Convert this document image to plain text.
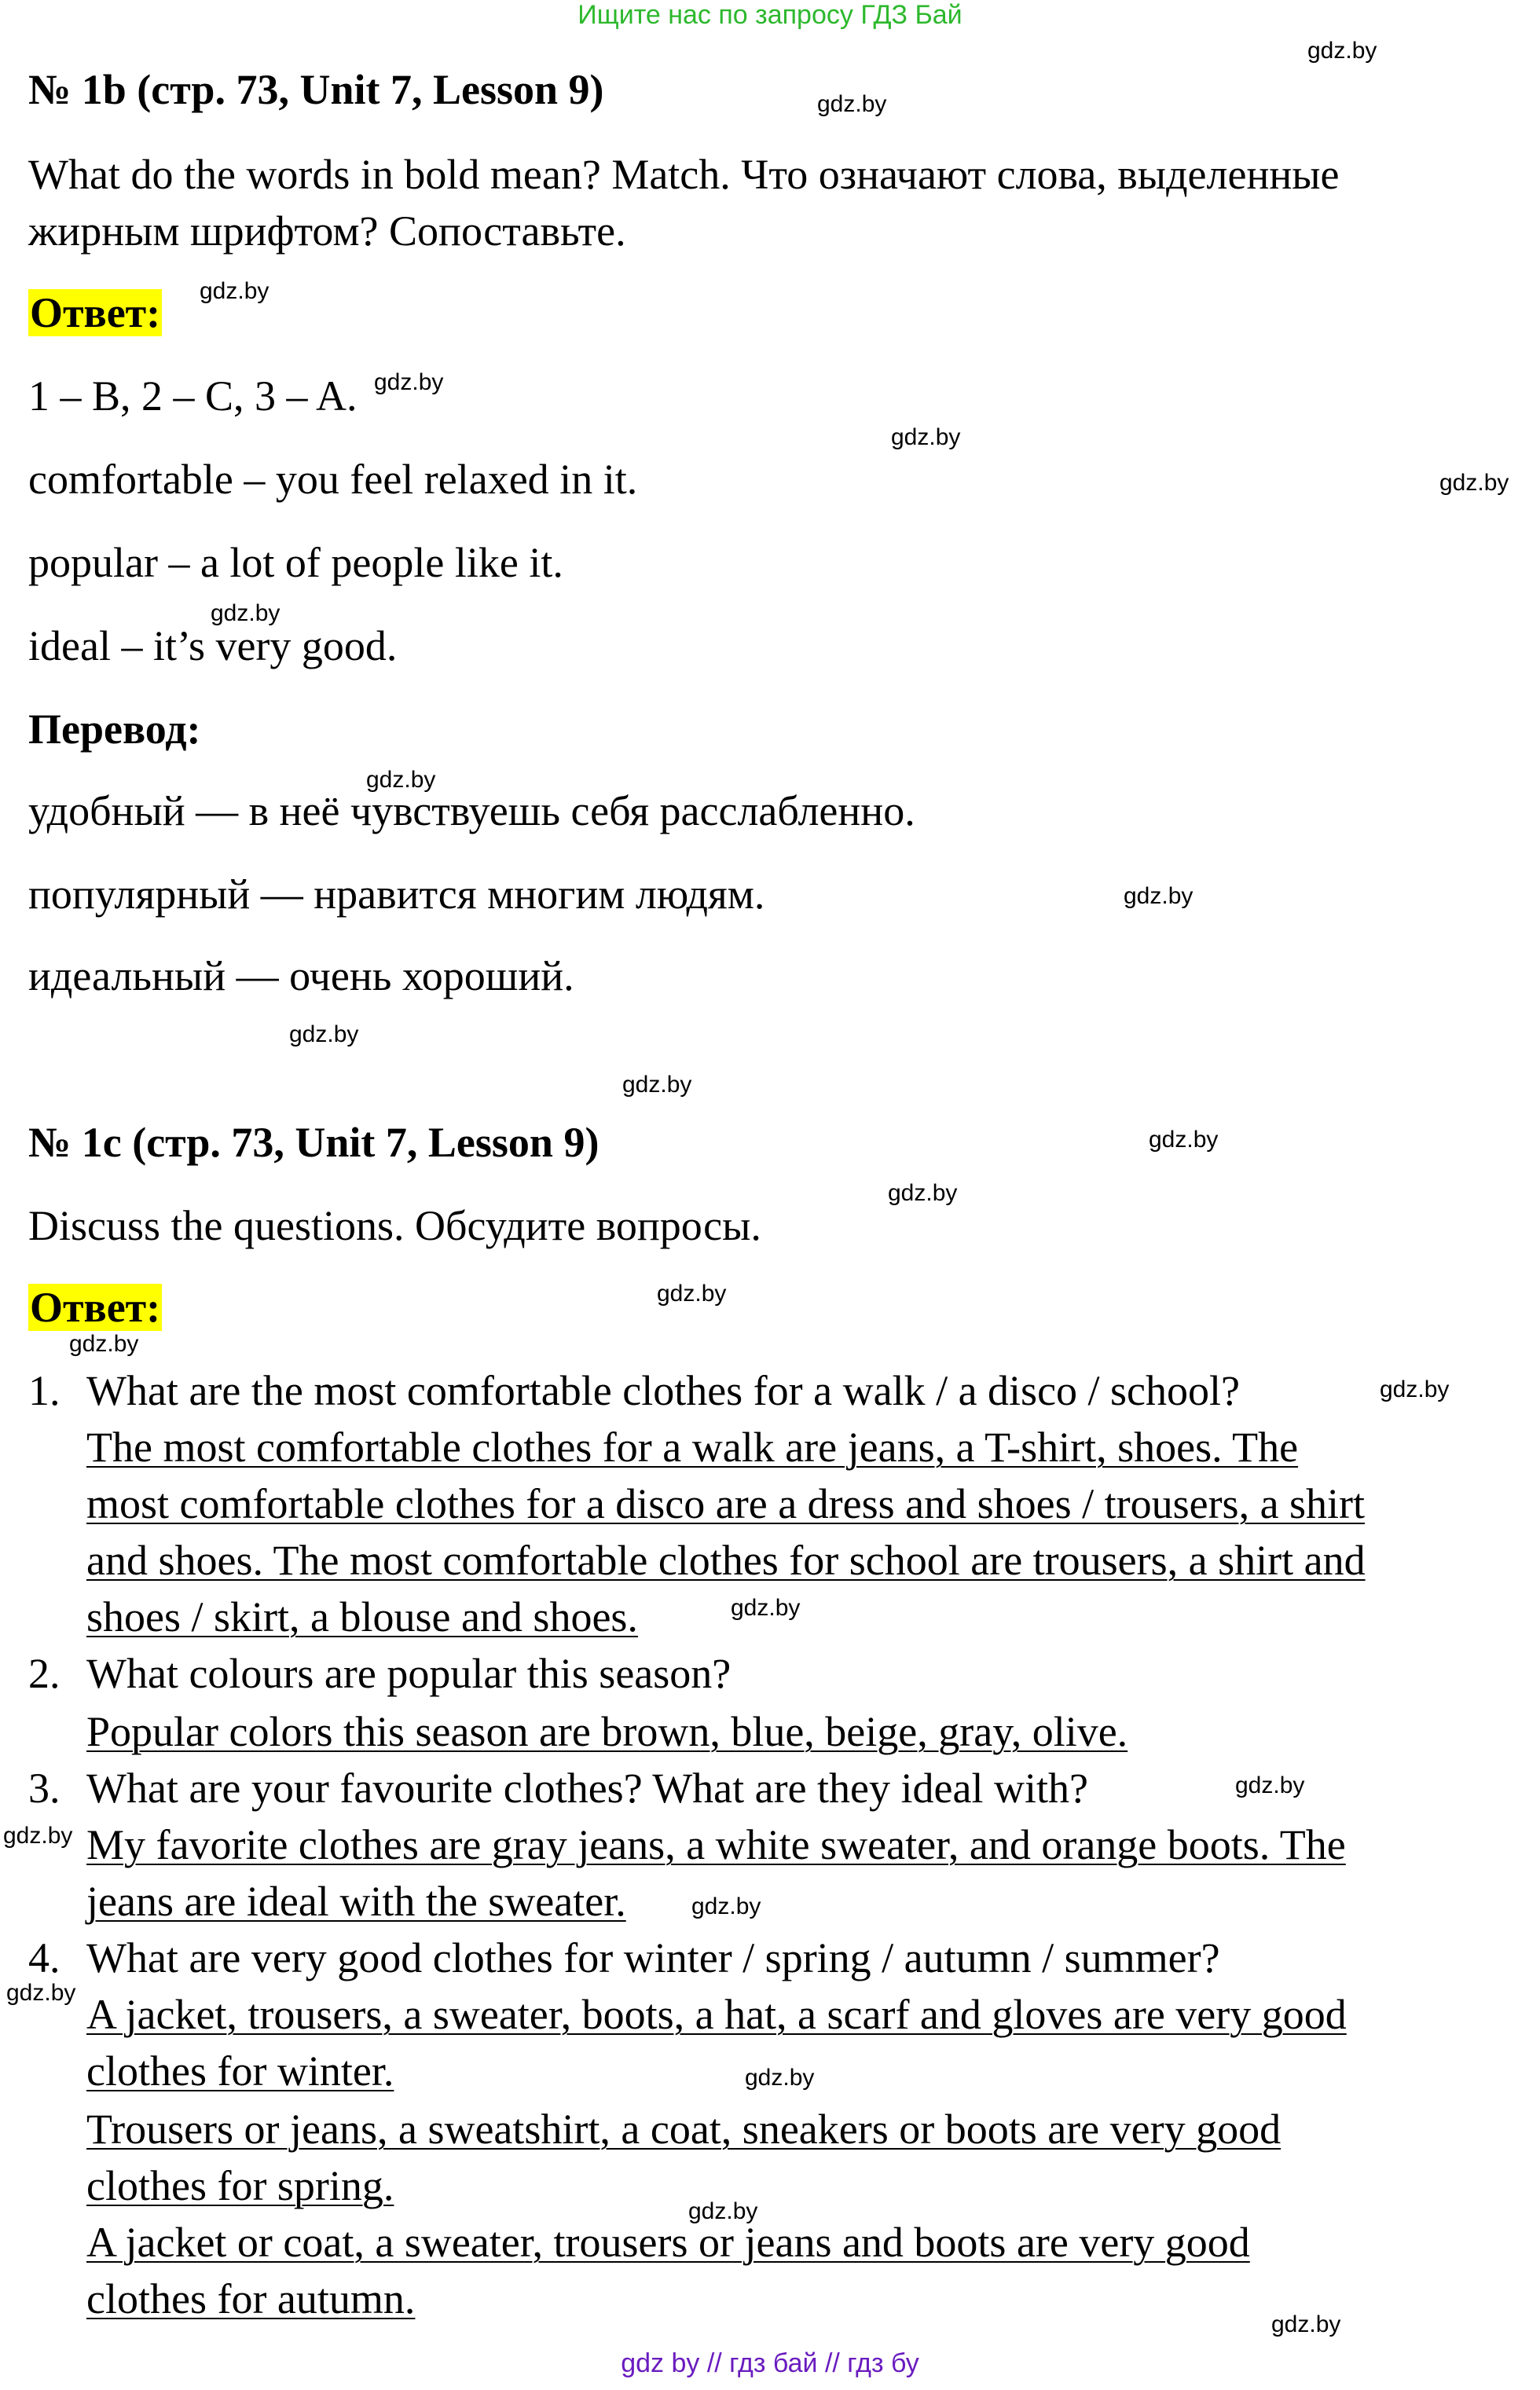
Ищите нас по запросу ГДЗ Бай
№ 1b (стр. 73, Unit 7, Lesson 9)
What do the words in bold mean? Match. Что означают слова, выделенные
жирным шрифтом? Сопоставьте.
Ответ:
1 – B, 2 – C, 3 – A.
comfortable – you feel relaxed in it.
popular – a lot of people like it.
ideal – it’s very good.
Перевод:
удобный — в неё чувствуешь себя расслабленно.
популярный — нравится многим людям.
идеальный — очень хороший.
№ 1c (стр. 73, Unit 7, Lesson 9)
Discuss the questions. Обсудите вопросы.
Ответ:
1. What are the most comfortable clothes for a walk / a disco / school?
The most comfortable clothes for a walk are jeans, a T-shirt, shoes. The
most comfortable clothes for a disco are a dress and shoes / trousers, a shirt
and shoes. The most comfortable clothes for school are trousers, a shirt and
shoes / skirt, a blouse and shoes.
2. What colours are popular this season?
Popular colors this season are brown, blue, beige, gray, olive.
3. What are your favourite clothes? What are they ideal with?
My favorite clothes are gray jeans, a white sweater, and orange boots. The
jeans are ideal with the sweater.
4. What are very good clothes for winter / spring / autumn / summer?
A jacket, trousers, a sweater, boots, a hat, a scarf and gloves are very good
clothes for winter.
Trousers or jeans, a sweatshirt, a coat, sneakers or boots are very good
clothes for spring.
A jacket or coat, a sweater, trousers or jeans and boots are very good
clothes for autumn.
gdz.by
gdz.by
gdz.by
gdz.by
gdz.by
gdz.by
gdz.by
gdz.by
gdz.by
gdz.by
gdz.by
gdz.by
gdz.by
gdz.by
gdz.by
gdz.by
gdz.by
gdz.by
gdz.by
gdz.by
gdz.by
gdz.by
gdz.by
gdz.by
gdz by // гдз бай // гдз бу
